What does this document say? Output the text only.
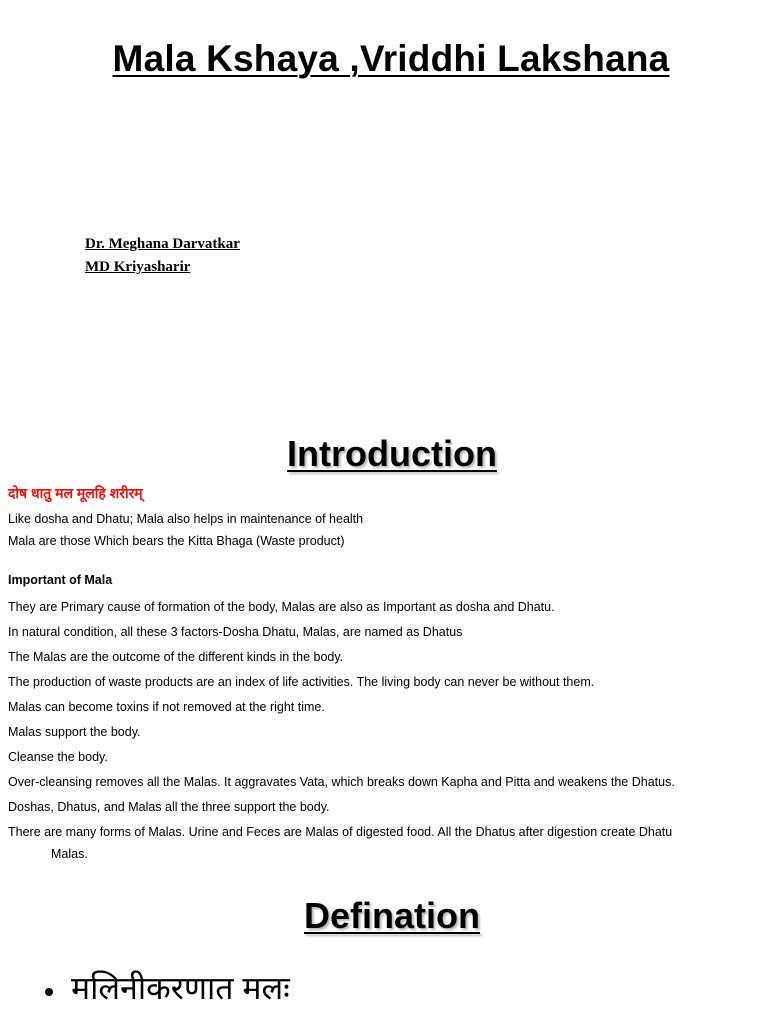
Mala Kshaya ,Vriddhi Lakshana
Dr. Meghana Darvatkar
MD Kriyasharir
Introduction
दोष धातु मल मूलहि शरीरम्
Like dosha and Dhatu; Mala also helps in maintenance of health
Mala are those Which bears the Kitta Bhaga (Waste product)
Important of Mala
They are Primary cause of formation of the body, Malas are also as Important as dosha and Dhatu.
In natural condition, all these 3 factors-Dosha Dhatu, Malas, are named as Dhatus
The Malas are the outcome of the different kinds in the body.
The production of waste products are an index of life activities. The living body can never be without them.
Malas can become toxins if not removed at the right time.
Malas support the body.
Cleanse the body.
Over-cleansing removes all the Malas. It aggravates Vata, which breaks down Kapha and Pitta and weakens the Dhatus.
Doshas, Dhatus, and Malas all the three support the body.
There are many forms of Malas. Urine and Feces are Malas of digested food. All the Dhatus after digestion create Dhatu
Malas.
Defination
मलिनीकरणात मलः
